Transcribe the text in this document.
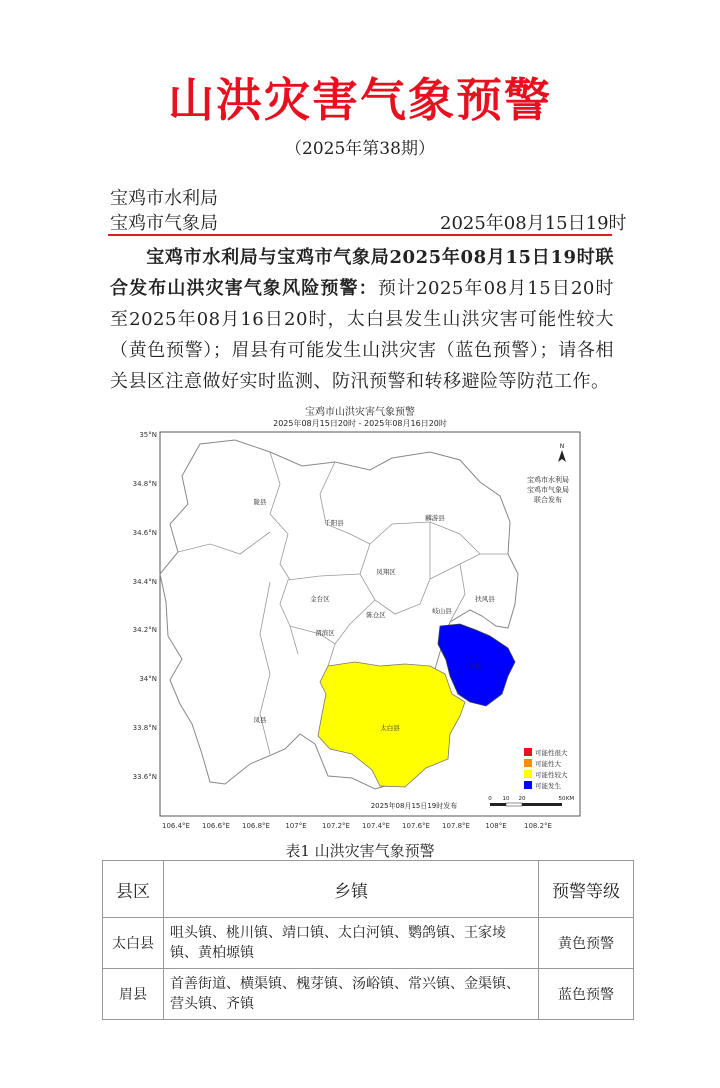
山洪灾害气象预警
（2025年第38期）
宝鸡市水利局
宝鸡市气象局	2025年08月15日19时
宝鸡市水利局与宝鸡市气象局2025年08月15日19时联合发布山洪灾害气象风险预警：预计2025年08月15日20时至2025年08月16日20时，太白县发生山洪灾害可能性较大（黄色预警）；眉县有可能发生山洪灾害（蓝色预警）；请各相关县区注意做好实时监测、防汛预警和转移避险等防范工作。
宝鸡市山洪灾害气象预警
2025年08月15日20时 - 2025年08月16日20时
35°N
34.8°N
34.6°N
34.4°N
34.2°N
34°N
33.8°N
33.6°N
106.4°E 106.6°E 106.8°E 107°E 107.2°E 107.4°E 107.6°E 107.8°E 108°E 108.2°E
陇县
千阳县
麟游县
凤翔区
金台区
陈仓区
渭滨区
岐山县
扶风县
眉县
太白县
凤县
N
宝鸡市水利局
宝鸡市气象局
联合发布
可能性很大
可能性大
可能性较大
可能发生
2025年08月15日19时发布
0 10 20	50 KM
表1 山洪灾害气象预警
县区	乡镇	预警等级
太白县	咀头镇、桃川镇、靖口镇、太白河镇、鹦鸽镇、王家堎镇、黄柏塬镇	黄色预警
眉县	首善街道、横渠镇、槐芽镇、汤峪镇、常兴镇、金渠镇、营头镇、齐镇	蓝色预警
